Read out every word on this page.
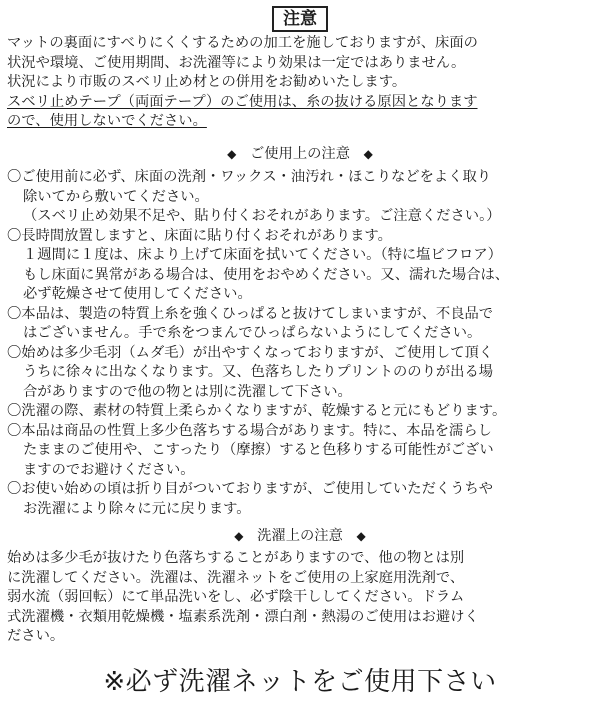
注意
マットの裏面にすべりにくくするための加工を施しておりますが、床面の
状況や環境、ご使用期間、お洗濯等により効果は一定ではありません。
状況により市販のスベリ止め材との併用をお勧めいたします。
スベリ止めテープ（両面テープ）のご使用は、糸の抜ける原因となります
ので、使用しないでください。
◆ ご使用上の注意 ◆
〇ご使用前に必ず、床面の洗剤・ワックス・油汚れ・ほこりなどをよく取り
除いてから敷いてください。
（スベリ止め効果不足や、貼り付くおそれがあります。ご注意ください。）
〇長時間放置しますと、床面に貼り付くおそれがあります。
１週間に１度は、床より上げて床面を拭いてください。（特に塩ビフロア）
もし床面に異常がある場合は、使用をおやめください。又、濡れた場合は、
必ず乾燥させて使用してください。
〇本品は、製造の特質上糸を強くひっぱると抜けてしまいますが、不良品で
はございません。手で糸をつまんでひっぱらないようにしてください。
〇始めは多少毛羽（ムダ毛）が出やすくなっておりますが、ご使用して頂く
うちに徐々に出なくなります。又、色落ちしたりプリントののりが出る場
合がありますので他の物とは別に洗濯して下さい。
〇洗濯の際、素材の特質上柔らかくなりますが、乾燥すると元にもどります。
〇本品は商品の性質上多少色落ちする場合があります。特に、本品を濡らし
たままのご使用や、こすったり（摩擦）すると色移りする可能性がござい
ますのでお避けください。
〇お使い始めの頃は折り目がついておりますが、ご使用していただくうちや
お洗濯により除々に元に戻ります。
◆ 洗濯上の注意 ◆
始めは多少毛が抜けたり色落ちすることがありますので、他の物とは別
に洗濯してください。洗濯は、洗濯ネットをご使用の上家庭用洗剤で、
弱水流（弱回転）にて単品洗いをし、必ず陰干ししてください。ドラム
式洗濯機・衣類用乾燥機・塩素系洗剤・漂白剤・熱湯のご使用はお避けく
ださい。
※必ず洗濯ネットをご使用下さい
